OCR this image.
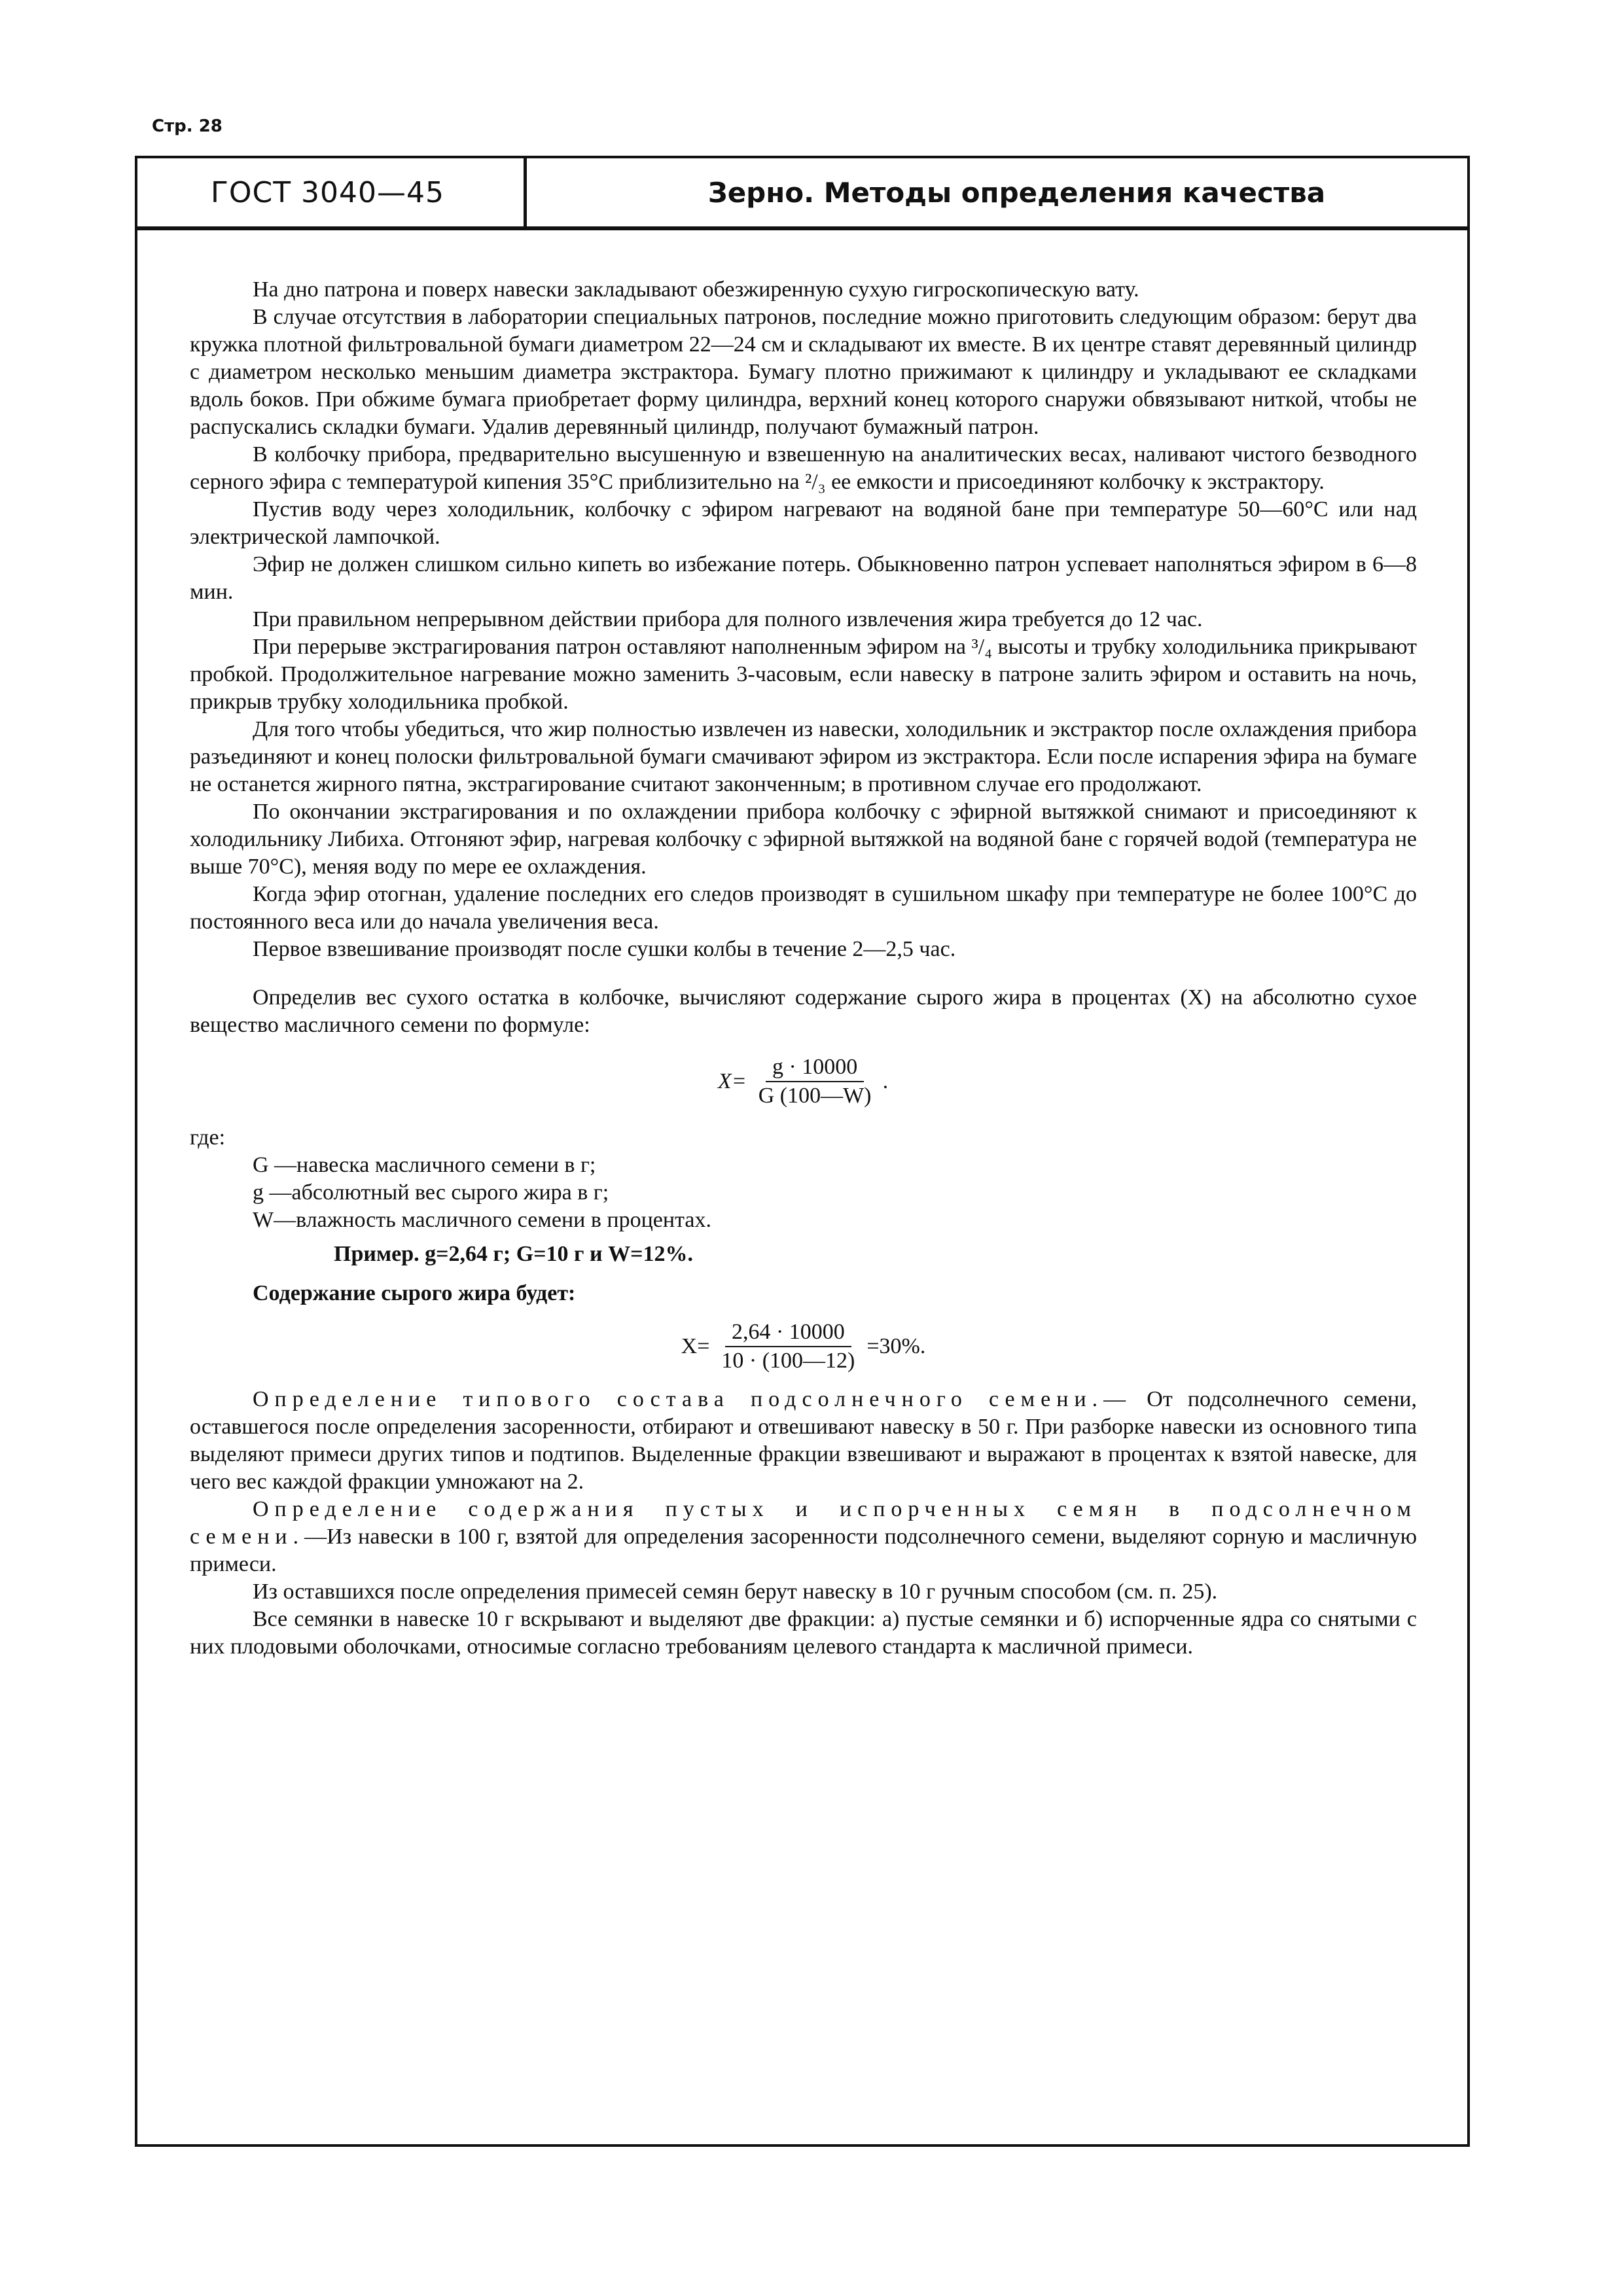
Стр. 28
ГОСТ 3040—45	Зерно. Методы определения качества

На дно патрона и поверх навески закладывают обезжиренную сухую гигроскопическую вату.

В случае отсутствия в лаборатории специальных патронов, последние можно приготовить следующим образом: берут два кружка плотной фильтровальной бумаги диаметром 22—24 см и складывают их вместе. В их центре ставят деревянный цилиндр с диаметром несколько меньшим диаметра экстрактора. Бумагу плотно прижимают к цилиндру и укладывают ее складками вдоль боков. При обжиме бумага приобретает форму цилиндра, верхний конец которого снаружи обвязывают ниткой, чтобы не распускались складки бумаги. Удалив деревянный цилиндр, получают бумажный патрон.

В колбочку прибора, предварительно высушенную и взвешенную на аналитических весах, наливают чистого безводного серного эфира с температурой кипения 35°С приблизительно на ²/₃ ее емкости и присоединяют колбочку к экстрактору.

Пустив воду через холодильник, колбочку с эфиром нагревают на водяной бане при температуре 50—60°С или над электрической лампочкой.

Эфир не должен слишком сильно кипеть во избежание потерь. Обыкновенно патрон успевает наполняться эфиром в 6—8 мин.

При правильном непрерывном действии прибора для полного извлечения жира требуется до 12 час.

При перерыве экстрагирования патрон оставляют наполненным эфиром на ³/₄ высоты и трубку холодильника прикрывают пробкой. Продолжительное нагревание можно заменить 3-часовым, если навеску в патроне залить эфиром и оставить на ночь, прикрыв трубку холодильника пробкой.

Для того чтобы убедиться, что жир полностью извлечен из навески, холодильник и экстрактор после охлаждения прибора разъединяют и конец полоски фильтровальной бумаги смачивают эфиром из экстрактора. Если после испарения эфира на бумаге не останется жирного пятна, экстрагирование считают законченным; в противном случае его продолжают.

По окончании экстрагирования и по охлаждении прибора колбочку с эфирной вытяжкой снимают и присоединяют к холодильнику Либиха. Отгоняют эфир, нагревая колбочку с эфирной вытяжкой на водяной бане с горячей водой (температура не выше 70°С), меняя воду по мере ее охлаждения.

Когда эфир отогнан, удаление последних его следов производят в сушильном шкафу при температуре не более 100°С до постоянного веса или до начала увеличения веса.

Первое взвешивание производят после сушки колбы в течение 2—2,5 час.

Определив вес сухого остатка в колбочке, вычисляют содержание сырого жира в процентах (X) на абсолютно сухое вещество масличного семени по формуле:

$X= \frac{g \cdot 10000}{G (100—W)}$ .
где:
G —навеска масличного семени в г;
g —абсолютный вес сырого жира в г;
W—влажность масличного семени в процентах.
Пример. g=2,64 г; G=10 г и W=12%.
Содержание сырого жира будет:
$X= \frac{2,64 \cdot 10000}{10 \cdot (100—12)} =30\%$.

Определение типового состава подсолнечного семени.— От подсолнечного семени, оставшегося после определения засоренности, отбирают и отвешивают навеску в 50 г. При разборке навески из основного типа выделяют примеси других типов и подтипов. Выделенные фракции взвешивают и выражают в процентах к взятой навеске, для чего вес каждой фракции умножают на 2.

Определение содержания пустых и испорченных семян в подсолнечном семени.—Из навески в 100 г, взятой для определения засоренности подсолнечного семени, выделяют сорную и масличную примеси.

Из оставшихся после определения примесей семян берут навеску в 10 г ручным способом (см. п. 25).

Все семянки в навеске 10 г вскрывают и выделяют две фракции: а) пустые семянки и б) испорченные ядра со снятыми с них плодовыми оболочками, относимые согласно требованиям целевого стандарта к масличной примеси.
